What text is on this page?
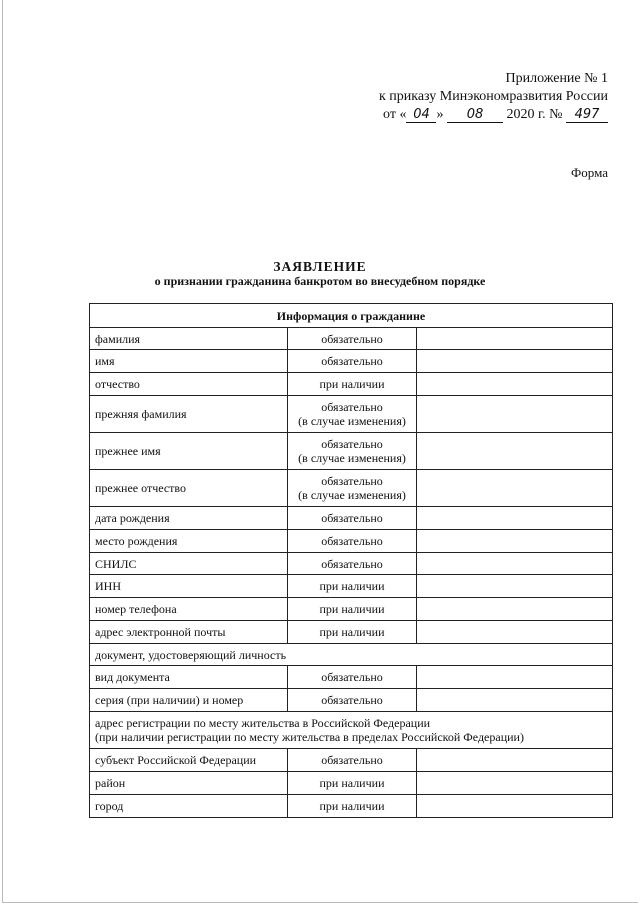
Приложение № 1
к приказу Минэкономразвития России
от « 04 » 08 2020 г. № 497
Форма
ЗАЯВЛЕНИЕ
о признании гражданина банкротом во внесудебном порядке
Информация о гражданине		
фамилия	обязательно	

имя	обязательно	

отчество	при наличии	

прежняя фамилия	обязательно
(в случае изменения)	

прежнее имя	обязательно
(в случае изменения)	

прежнее отчество	обязательно
(в случае изменения)	

дата рождения	обязательно	

место рождения	обязательно	

СНИЛС	обязательно	

ИНН	при наличии	

номер телефона	при наличии	

адрес электронной почты	при наличии	

документ, удостоверяющий личность		

вид документа	обязательно	

серия (при наличии) и номер	обязательно	

адрес регистрации по месту жительства в Российской Федерации
(при наличии регистрации по месту жительства в пределах Российской Федерации)		

субъект Российской Федерации	обязательно	

район	при наличии	

город	при наличии	
